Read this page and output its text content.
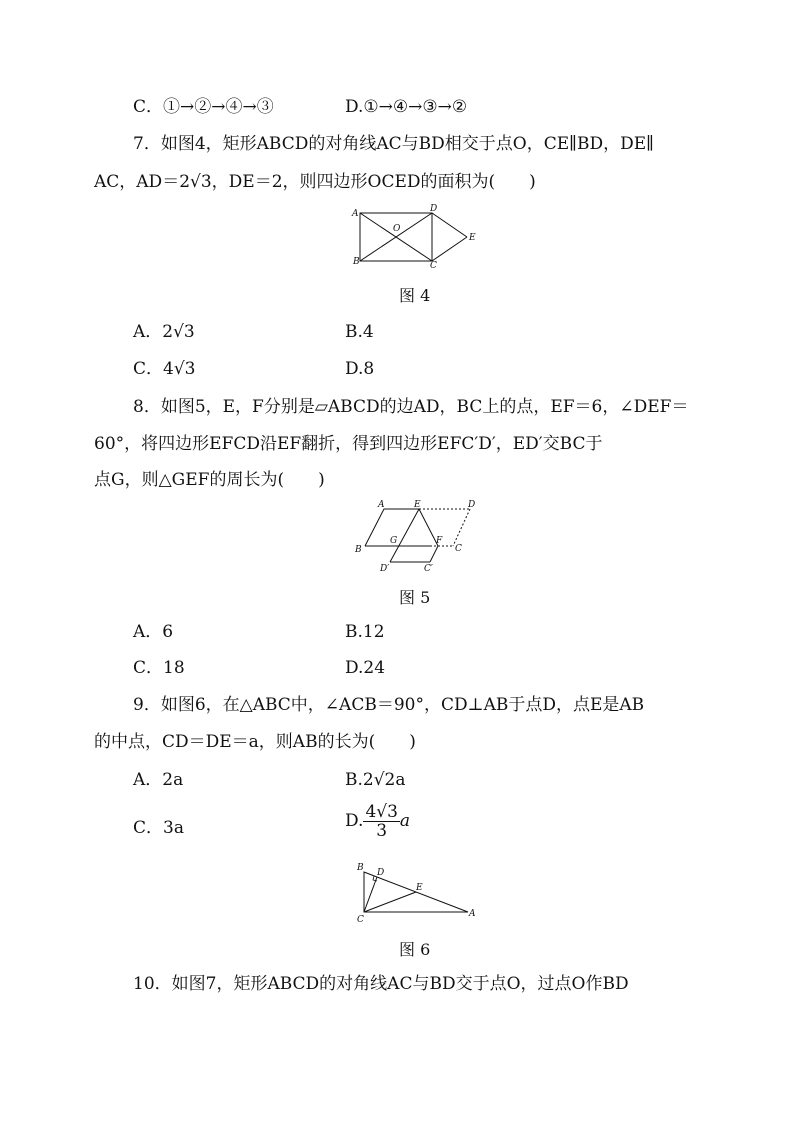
C．①→②→④→③	D.①→④→③→②
7．如图4，矩形ABCD的对角线AC与BD相交于点O，CE∥BD，DE∥
AC，AD＝2√3，DE＝2，则四边形OCED的面积为(　　)
A	D
O
E
B	C
图 4
A．2√3	B.4
C．4√3	D.8
8．如图5，E，F分别是▱ABCD的边AD，BC上的点，EF＝6，∠DEF＝
60°，将四边形EFCD沿EF翻折，得到四边形EFC′D′，ED′交BC于
点G，则△GEF的周长为(　　)
A	E	D
B
G	F
C
D′	C′
图 5
A．6	B.12
C．18	D.24
9．如图6，在△ABC中，∠ACB＝90°，CD⊥AB于点D，点E是AB
的中点，CD＝DE＝a，则AB的长为(　　)
A．2a	B.2√2a
C．3a	D. $\frac{4√3}{3}$ a
B D
E
C
A
图 6
10．如图7，矩形ABCD的对角线AC与BD交于点O，过点O作BD
